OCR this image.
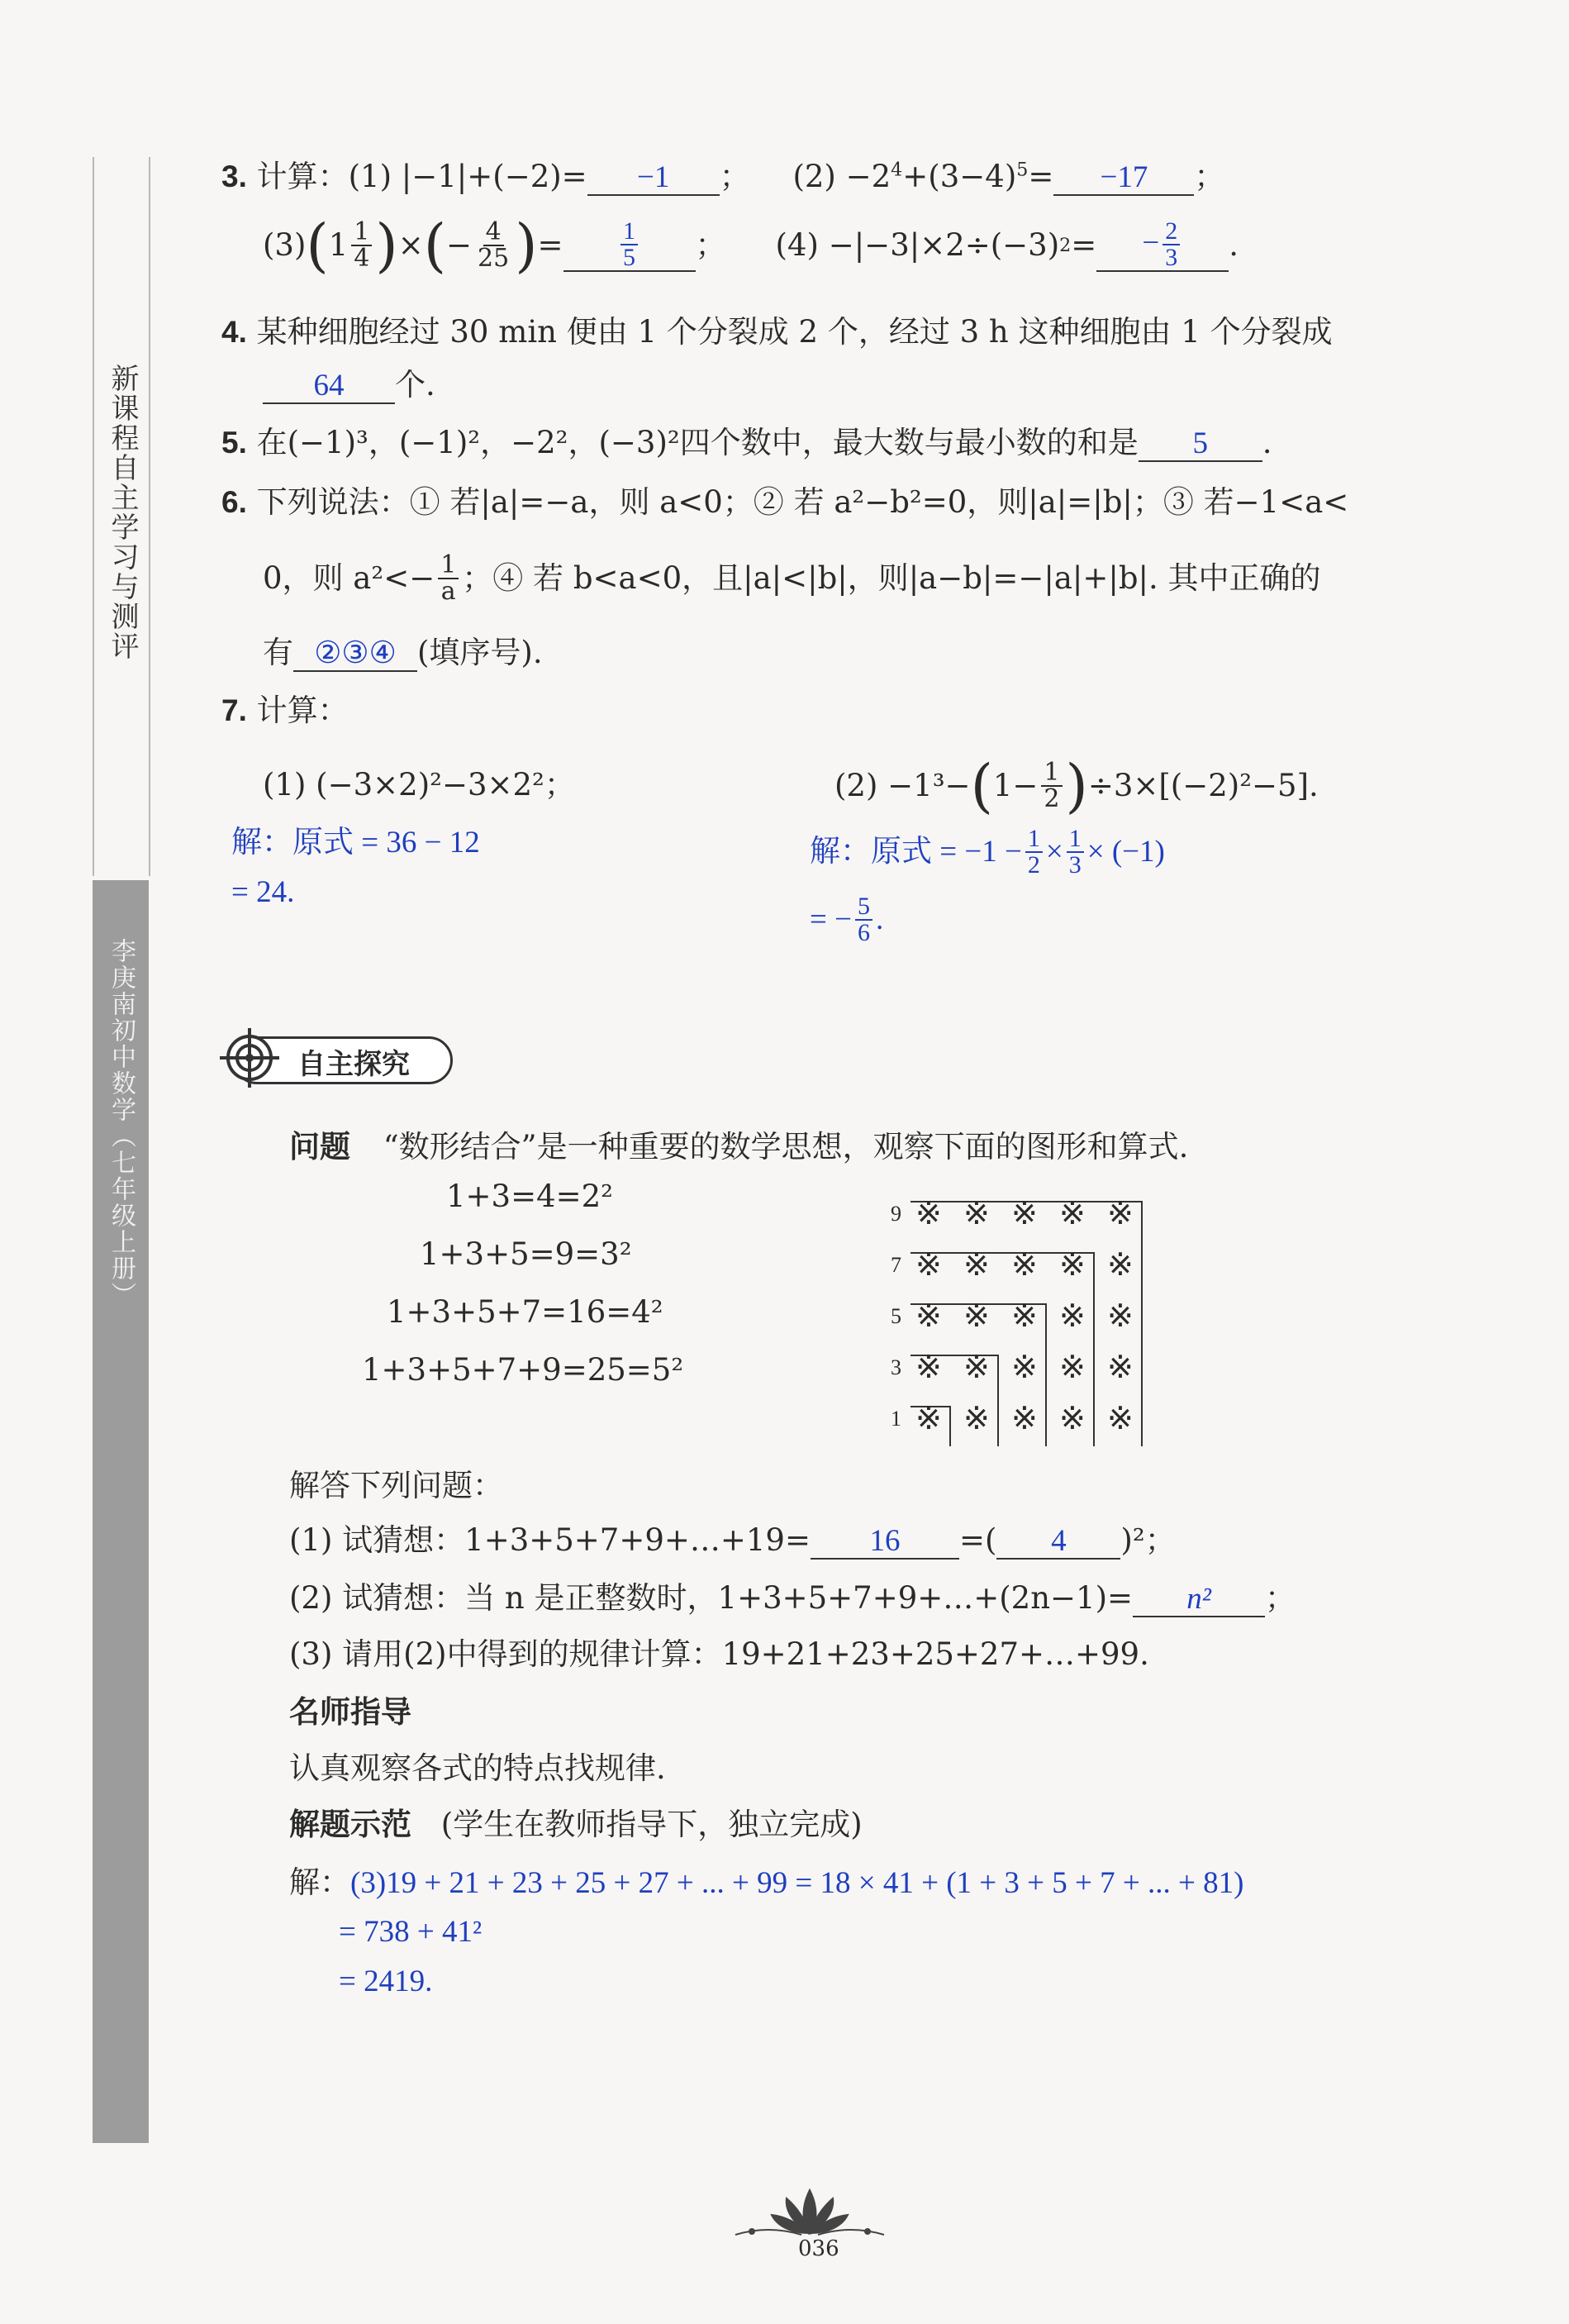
新课程自主学习与测评
李庚南初中数学（七年级上册）
3. 计算：(1) |−1|+(−2)= −1 ； $(2) -2^4+(3-4)^5= -17$ ；
(3) ( $1 \frac{1}{4}$ ) × ( − $\frac{4}{25}$ ) = $\frac{1}{5}$ ； (4) −|−3|×2÷(−3) 2 =	− $\frac{2}{3}$ .
4. 某种细胞经过 30 min 便由 1 个分裂成 2 个，经过 3 h 这种细胞由 1 个分裂成
64 个.
5. 在(−1)³，(−1)²，−2²，(−3)²四个数中，最大数与最小数的和是 5 .
6. 下列说法：① 若|a|=−a，则 a<0；② 若 a²−b²=0，则|a|=|b|；③ 若−1<a<
0，则 $a^2<- \frac{1}{a}$ ；④ 若 b<a<0，且|a|<|b|，则|a−b|=−|a|+|b|. 其中正确的
有 ②③④ (填序号).
7. 计算：
(1) (−3×2)²−3×2²；	(2) −1³− ( $1- \frac{1}{2}$ ) ÷3×[(−2)²−5].
解：原式 = 36 − 12
= 24.
解：原式 = $-1 - \frac{1}{2} \times \frac{1}{3} \times (-1)$
= − $\frac{5}{6}$ .
自主探究
问题 “数形结合”是一种重要的数学思想，观察下面的图形和算式.
1+3=4=2²
1+3+5=9=3²
1+3+5+7=16=4²
1+3+5+7+9=25=5²
9 ※ ※ ※ ※ ※
7 ※ ※ ※ ※ ※
5 ※ ※ ※ ※ ※
3 ※ ※ ※ ※ ※
1 ※ ※ ※ ※ ※
解答下列问题：
(1) 试猜想：1+3+5+7+9+…+19= 16 =( 4 )²；
(2) 试猜想：当 n 是正整数时，1+3+5+7+9+…+(2n−1)= n² ；
(3) 请用(2)中得到的规律计算：19+21+23+25+27+…+99.
名师指导
认真观察各式的特点找规律.
解题示范 (学生在教师指导下，独立完成)
解：(3)19 + 21 + 23 + 25 + 27 + ... + 99 = 18 × 41 + (1 + 3 + 5 + 7 + ... + 81)
= 738 + 41²
= 2419.
036
